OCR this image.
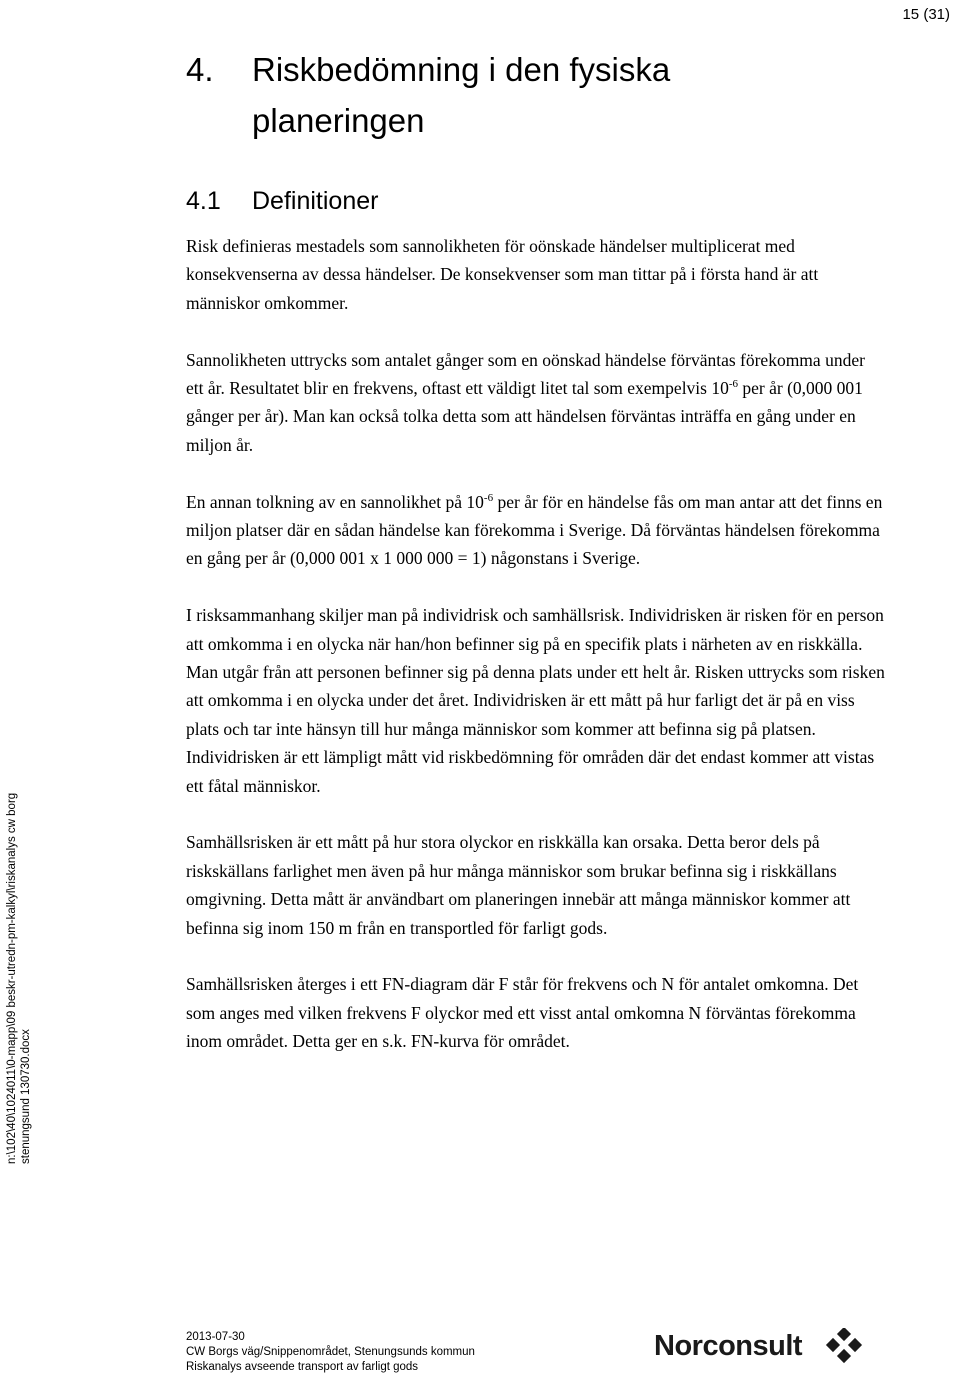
15 (31)
n:\102\40\1024011\0-mapp\09 beskr-utredn-pm-kalkyl\riskanalys cw borg stenungsund 130730.docx
4. Riskbedömning i den fysiska
planeringen
4.1 Definitioner

Risk definieras mestadels som sannolikheten för oönskade händelser multiplicerat med konsekvenserna av dessa händelser. De konsekvenser som man tittar på i första hand är att människor omkommer.

Sannolikheten uttrycks som antalet gånger som en oönskad händelse förväntas förekomma under ett år. Resultatet blir en frekvens, oftast ett väldigt litet tal som exempelvis $10^{-6}$ per år (0,000 001 gånger per år). Man kan också tolka detta som att händelsen förväntas inträffa en gång under en miljon år.

En annan tolkning av en sannolikhet på $10^{-6}$ per år för en händelse fås om man antar att det finns en miljon platser där en sådan händelse kan förekomma i Sverige. Då förväntas händelsen förekomma en gång per år (0,000 001 x 1 000 000 = 1) någonstans i Sverige.

I risksammanhang skiljer man på individrisk och samhällsrisk. Individrisken är risken för en person att omkomma i en olycka när han/hon befinner sig på en specifik plats i närheten av en riskkälla. Man utgår från att personen befinner sig på denna plats under ett helt år. Risken uttrycks som risken att omkomma i en olycka under det året. Individrisken är ett mått på hur farligt det är på en viss plats och tar inte hänsyn till hur många människor som kommer att befinna sig på platsen. Individrisken är ett lämpligt mått vid riskbedömning för områden där det endast kommer att vistas ett fåtal människor.

Samhällsrisken är ett mått på hur stora olyckor en riskkälla kan orsaka. Detta beror dels på riskskällans farlighet men även på hur många människor som brukar befinna sig i riskkällans omgivning. Detta mått är användbart om planeringen innebär att många människor kommer att befinna sig inom 150 m från en transportled för farligt gods.

Samhällsrisken återges i ett FN-diagram där F står för frekvens och N för antalet omkomna. Det som anges med vilken frekvens F olyckor med ett visst antal omkomna N förväntas förekomma inom området. Detta ger en s.k. FN-kurva för området.

2013-07-30
CW Borgs väg/Snippenområdet, Stenungsunds kommun
Riskanalys avseende transport av farligt gods
Norconsult
